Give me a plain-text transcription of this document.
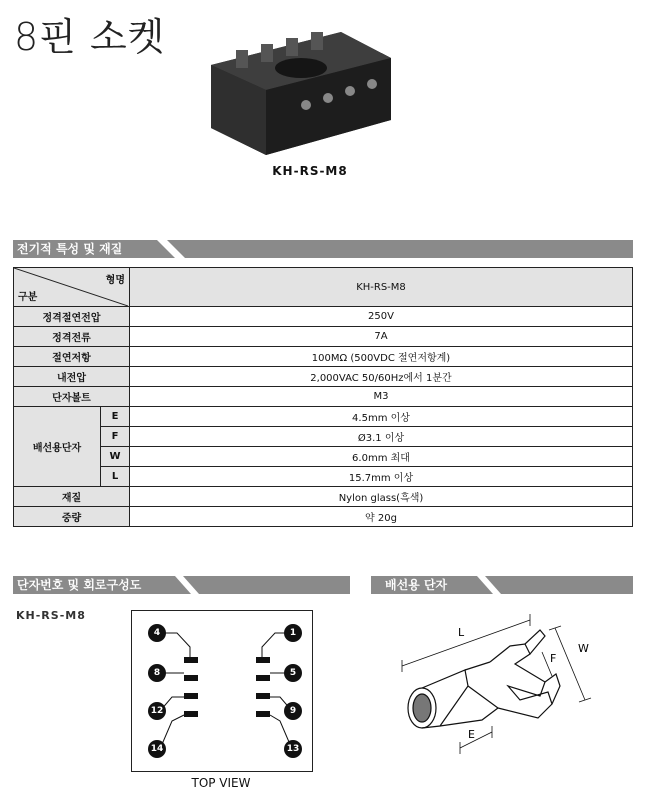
8핀 소켓
KH-RS-M8
전기적 특성 및 재질
형명
구분		KH-RS-M8
정격절연전압		250V
정격전류		7A
절연저항		100MΩ (500VDC 절연저항계)
내전압		2,000VAC 50/60Hz에서 1분간
단자볼트		M3
배선용단자	E	4.5mm 이상
	F	Ø3.1 이상
	W	6.0mm 최대
	L	15.7mm 이상
재질		Nylon glass(흑색)
중량		약 20g
단자번호 및 회로구성도	배선용 단자
KH-RS-M8
4
8
12
14
1
5
9
13
TOP VIEW
L
W
F
E
